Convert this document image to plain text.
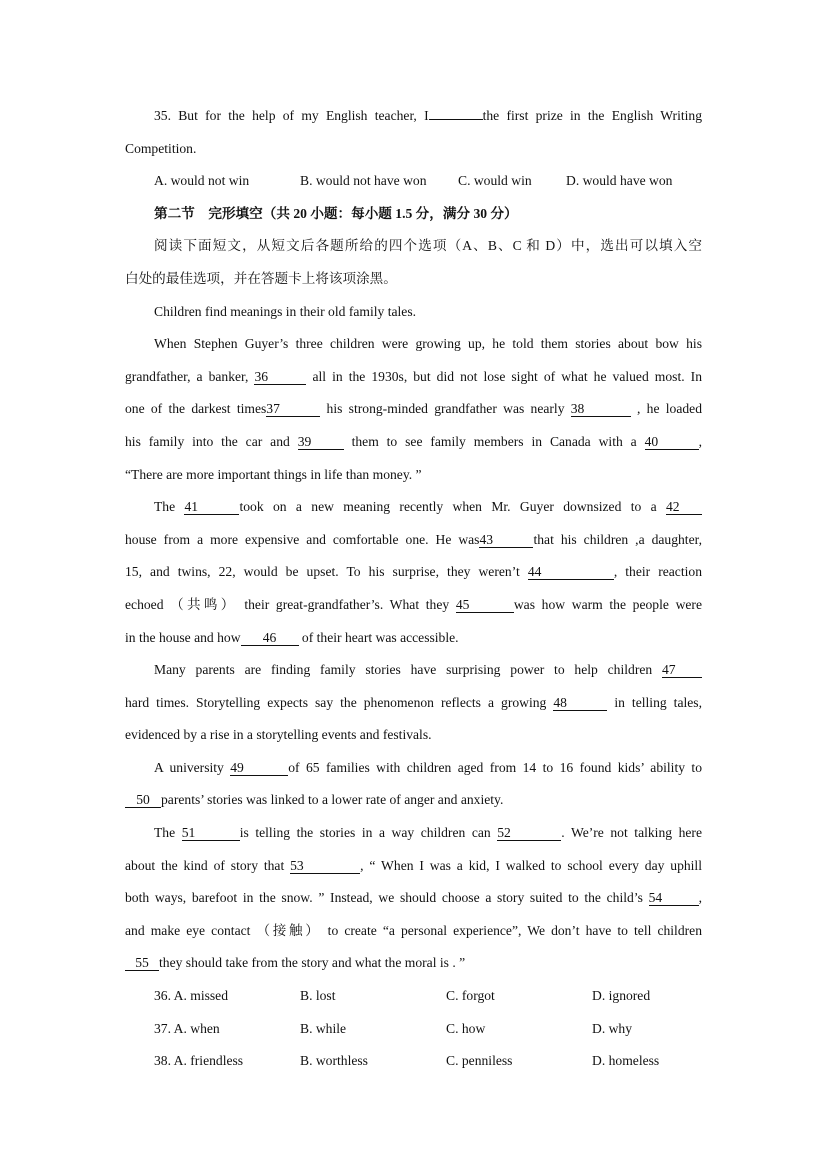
35. But for the help of my English teacher, I	the first prize in the English Writing
Competition.
A. would not win	B. would not have won	C. would win	D. would have won
第二节　完形填空（共 20 小题：每小题 1.5 分，满分 30 分）
阅读下面短文，从短文后各题所给的四个选项（A、B、C 和 D）中，选出可以填入空
白处的最佳选项，并在答题卡上将该项涂黑。
Children find meanings in their old family tales.
When Stephen Guyer’s three children were growing up, he told them stories about bow his
grandfather, a banker, 36	all in the 1930s, but did not lose sight of what he valued most. In
one of the darkest times37	his strong-minded grandfather was nearly 38	, he loaded
his family into the car and 39 them to see family members in Canada with a 40	,
“There are more important things in life than money. ”
The 41	took on a new meaning recently when Mr. Guyer downsized to a 42
house from a more expensive and comfortable one. He was43	that his children ,a daughter,
15, and twins, 22, would be upset. To his surprise, they weren’t 44	, their reaction
echoed （共鸣） their great-grandfather’s. What they 45	was how warm the people were
in the house and how 46 of their heart was accessible.
Many parents are finding family stories have surprising power to help children 47
hard times. Storytelling expects say the phenomenon reflects a growing 48	in telling tales,
evidenced by a rise in a storytelling events and festivals.
A university 49	of 65 families with children aged from 14 to 16 found kids’ ability to
50 parents’ stories was linked to a lower rate of anger and anxiety.
The 51	is telling the stories in a way children can 52	. We’re not talking here
about the kind of story that 53	, “ When I was a kid, I walked to school every day uphill
both ways, barefoot in the snow. ” Instead, we should choose a story suited to the child’s 54	,
and make eye contact （接触） to create “a personal experience”, We don’t have to tell children
55 they should take from the story and what the moral is . ”
36. A. missed	B. lost	C. forgot	D. ignored
37. A. when	B. while	C. how	D. why
38. A. friendless	B. worthless	C. penniless	D. homeless
